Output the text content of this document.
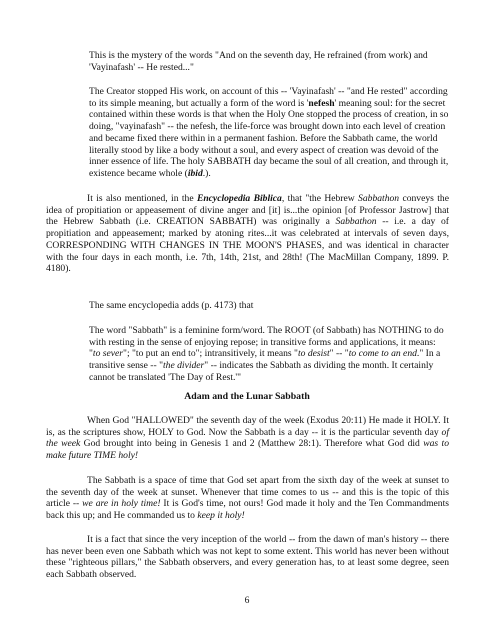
This is the mystery of the words "And on the seventh day, He refrained (from work) and 'Vayinafash' -- He rested..."

The Creator stopped His work, on account of this -- 'Vayinafash' -- "and He rested" according to its simple meaning, but actually a form of the word is 'nefesh' meaning soul: for the secret contained within these words is that when the Holy One stopped the process of creation, in so doing, "vayinafash" -- the nefesh, the life-force was brought down into each level of creation and became fixed there within in a permanent fashion. Before the Sabbath came, the world literally stood by like a body without a soul, and every aspect of creation was devoid of the inner essence of life. The holy SABBATH day became the soul of all creation, and through it, existence became whole (ibid.).

It is also mentioned, in the Encyclopedia Biblica, that "the Hebrew Sabbathon conveys the idea of propitiation or appeasement of divine anger and [it] is...the opinion [of Professor Jastrow] that the Hebrew Sabbath (i.e. CREATION SABBATH) was originally a Sabbathon -- i.e. a day of propitiation and appeasement; marked by atoning rites...it was celebrated at intervals of seven days, CORRESPONDING WITH CHANGES IN THE MOON'S PHASES, and was identical in character with the four days in each month, i.e. 7th, 14th, 21st, and 28th! (The MacMillan Company, 1899. P. 4180).

The same encyclopedia adds (p. 4173) that

The word "Sabbath" is a feminine form/word. The ROOT (of Sabbath) has NOTHING to do with resting in the sense of enjoying repose; in transitive forms and applications, it means: "to sever"; "to put an end to"; intransitively, it means "to desist" -- "to come to an end." In a transitive sense -- "the divider" -- indicates the Sabbath as dividing the month. It certainly cannot be translated 'The Day of Rest.'"

Adam and the Lunar Sabbath

When God "HALLOWED" the seventh day of the week (Exodus 20:11) He made it HOLY. It is, as the scriptures show, HOLY to God. Now the Sabbath is a day -- it is the particular seventh day of the week God brought into being in Genesis 1 and 2 (Matthew 28:1). Therefore what God did was to make future TIME holy!

The Sabbath is a space of time that God set apart from the sixth day of the week at sunset to the seventh day of the week at sunset. Whenever that time comes to us -- and this is the topic of this article -- we are in holy time! It is God's time, not ours! God made it holy and the Ten Commandments back this up; and He commanded us to keep it holy!

It is a fact that since the very inception of the world -- from the dawn of man's history -- there has never been even one Sabbath which was not kept to some extent. This world has never been without these "righteous pillars," the Sabbath observers, and every generation has, to at least some degree, seen each Sabbath observed.

6
